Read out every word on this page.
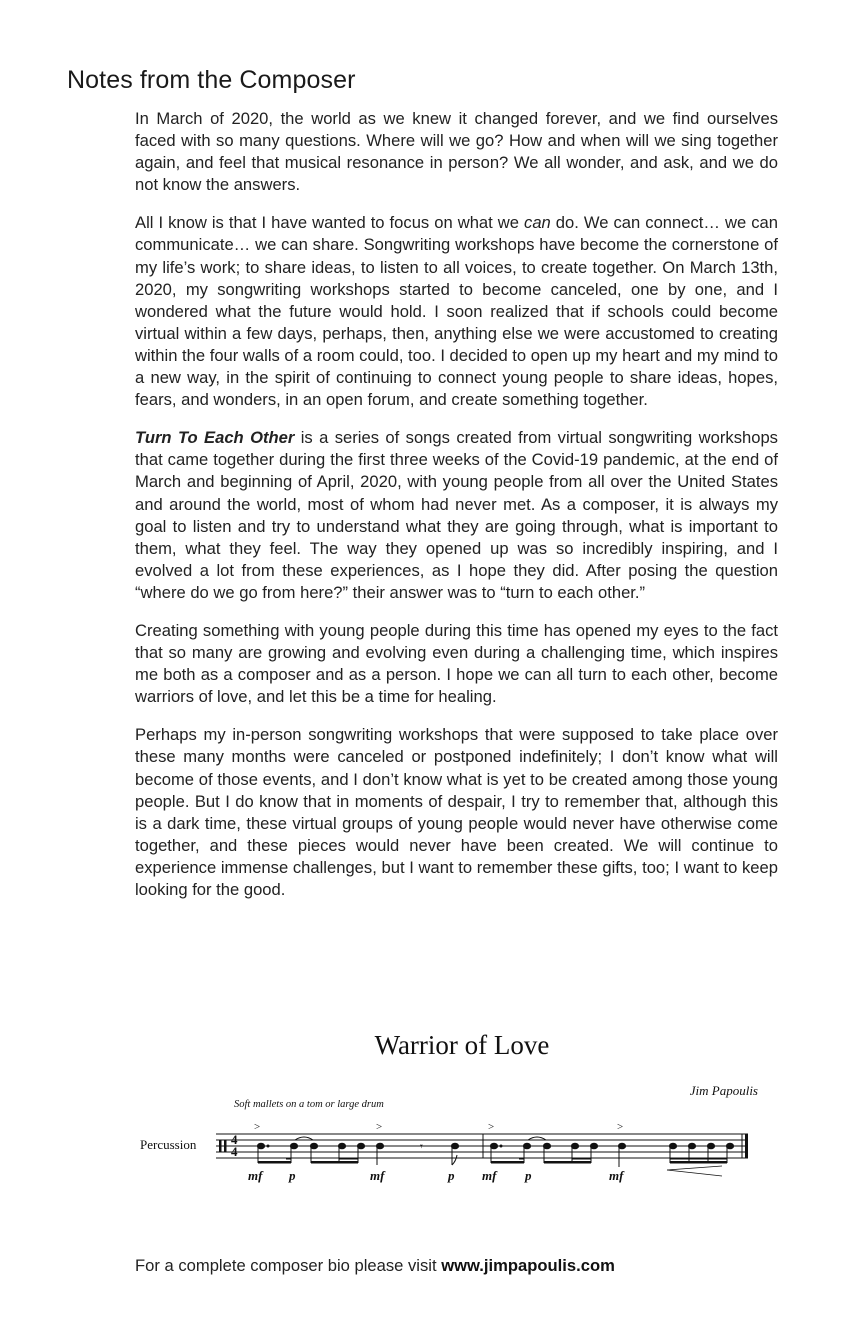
Notes from the Composer

In March of 2020, the world as we knew it changed forever, and we find ourselves faced with so many questions. Where will we go? How and when will we sing together again, and feel that musical resonance in person? We all wonder, and ask, and we do not know the answers.

All I know is that I have wanted to focus on what we can do. We can connect… we can communicate… we can share. Songwriting workshops have become the cornerstone of my life’s work; to share ideas, to listen to all voices, to create together. On March 13th, 2020, my songwriting workshops started to become canceled, one by one, and I wondered what the future would hold. I soon realized that if schools could become virtual within a few days, perhaps, then, anything else we were accustomed to creating within the four walls of a room could, too. I decided to open up my heart and my mind to a new way, in the spirit of continuing to connect young people to share ideas, hopes, fears, and wonders, in an open forum, and create something together.

Turn To Each Other is a series of songs created from virtual songwriting workshops that came together during the first three weeks of the Covid-19 pandemic, at the end of March and beginning of April, 2020, with young people from all over the United States and around the world, most of whom had never met. As a composer, it is always my goal to listen and try to understand what they are going through, what is important to them, what they feel. The way they opened up was so incredibly inspiring, and I evolved a lot from these experiences, as I hope they did. After posing the question “where do we go from here?” their answer was to “turn to each other.”

Creating something with young people during this time has opened my eyes to the fact that so many are growing and evolving even during a challenging time, which inspires me both as a composer and as a person. I hope we can all turn to each other, become warriors of love, and let this be a time for healing.

Perhaps my in-person songwriting workshops that were supposed to take place over these many months were canceled or postponed indefinitely; I don’t know what will become of those events, and I don’t know what is yet to be created among those young people. But I do know that in moments of despair, I try to remember that, although this is a dark time, these virtual groups of young people would never have otherwise come together, and these pieces would never have been created. We will continue to experience immense challenges, but I want to remember these gifts, too; I want to keep looking for the good.

Warrior of Love
Jim Papoulis
Soft mallets on a tom or large drum
Percussion	4
4
>	>
𝄾
>	>
mf p	mf	p mf p	mf
For a complete composer bio please visit www.jimpapoulis.com
